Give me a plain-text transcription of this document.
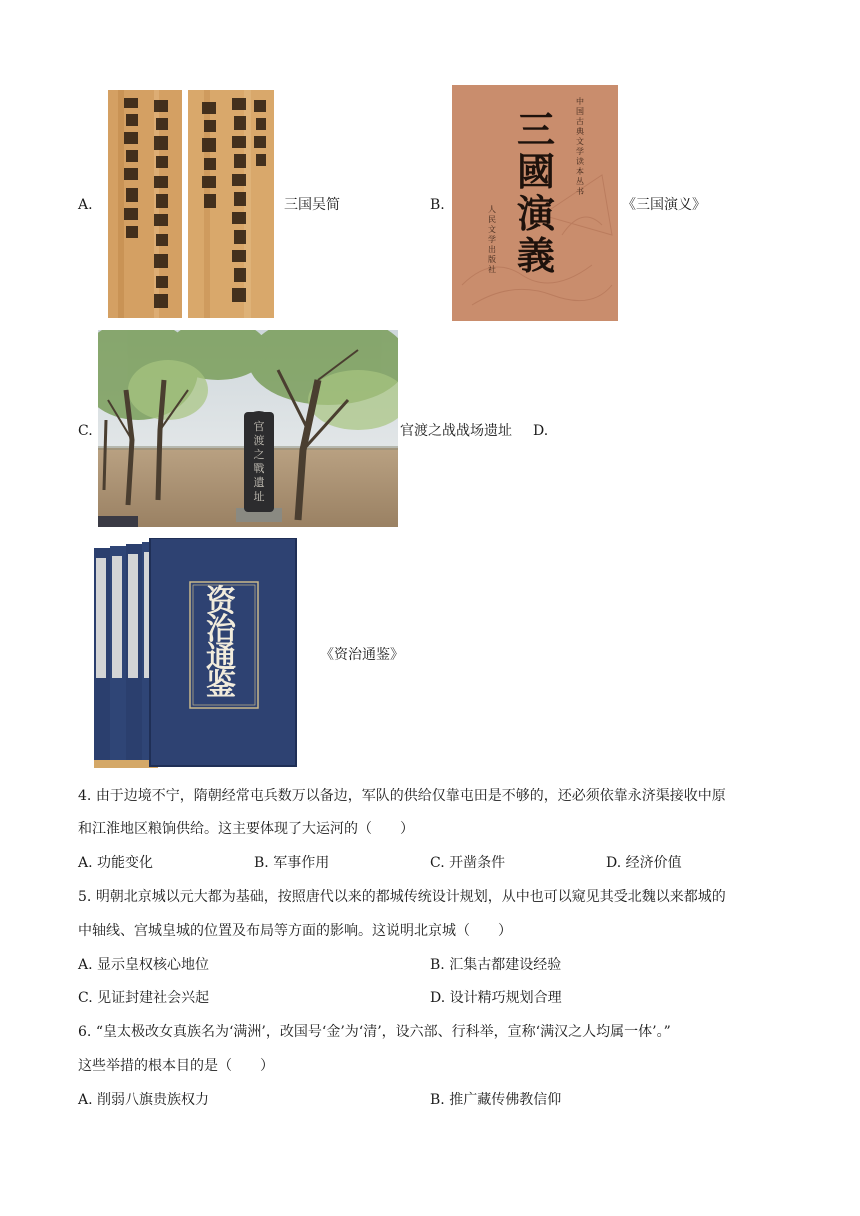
A.	三国吴简	B.
三國演義
中国古典文学读本丛书
人民文学出版社
《三国演义》
C.	官渡之戰遺址
官渡之战战场遗址 D.
资治通鉴
《资治通鉴》
4. 由于边境不宁，隋朝经常屯兵数万以备边，军队的供给仅靠屯田是不够的，还必须依靠永济渠接收中原
和江淮地区粮饷供给。这主要体现了大运河的（　　）
A. 功能变化	B. 军事作用	C. 开凿条件	D. 经济价值
5. 明朝北京城以元大都为基础，按照唐代以来的都城传统设计规划，从中也可以窥见其受北魏以来都城的
中轴线、宫城皇城的位置及布局等方面的影响。这说明北京城（　　）
A. 显示皇权核心地位	B. 汇集古都建设经验
C. 见证封建社会兴起	D. 设计精巧规划合理
6. “皇太极改女真族名为‘满洲’，改国号‘金’为‘清’，设六部、行科举，宣称‘满汉之人均属一体’。”
这些举措的根本目的是（　　）
A. 削弱八旗贵族权力	B. 推广藏传佛教信仰
